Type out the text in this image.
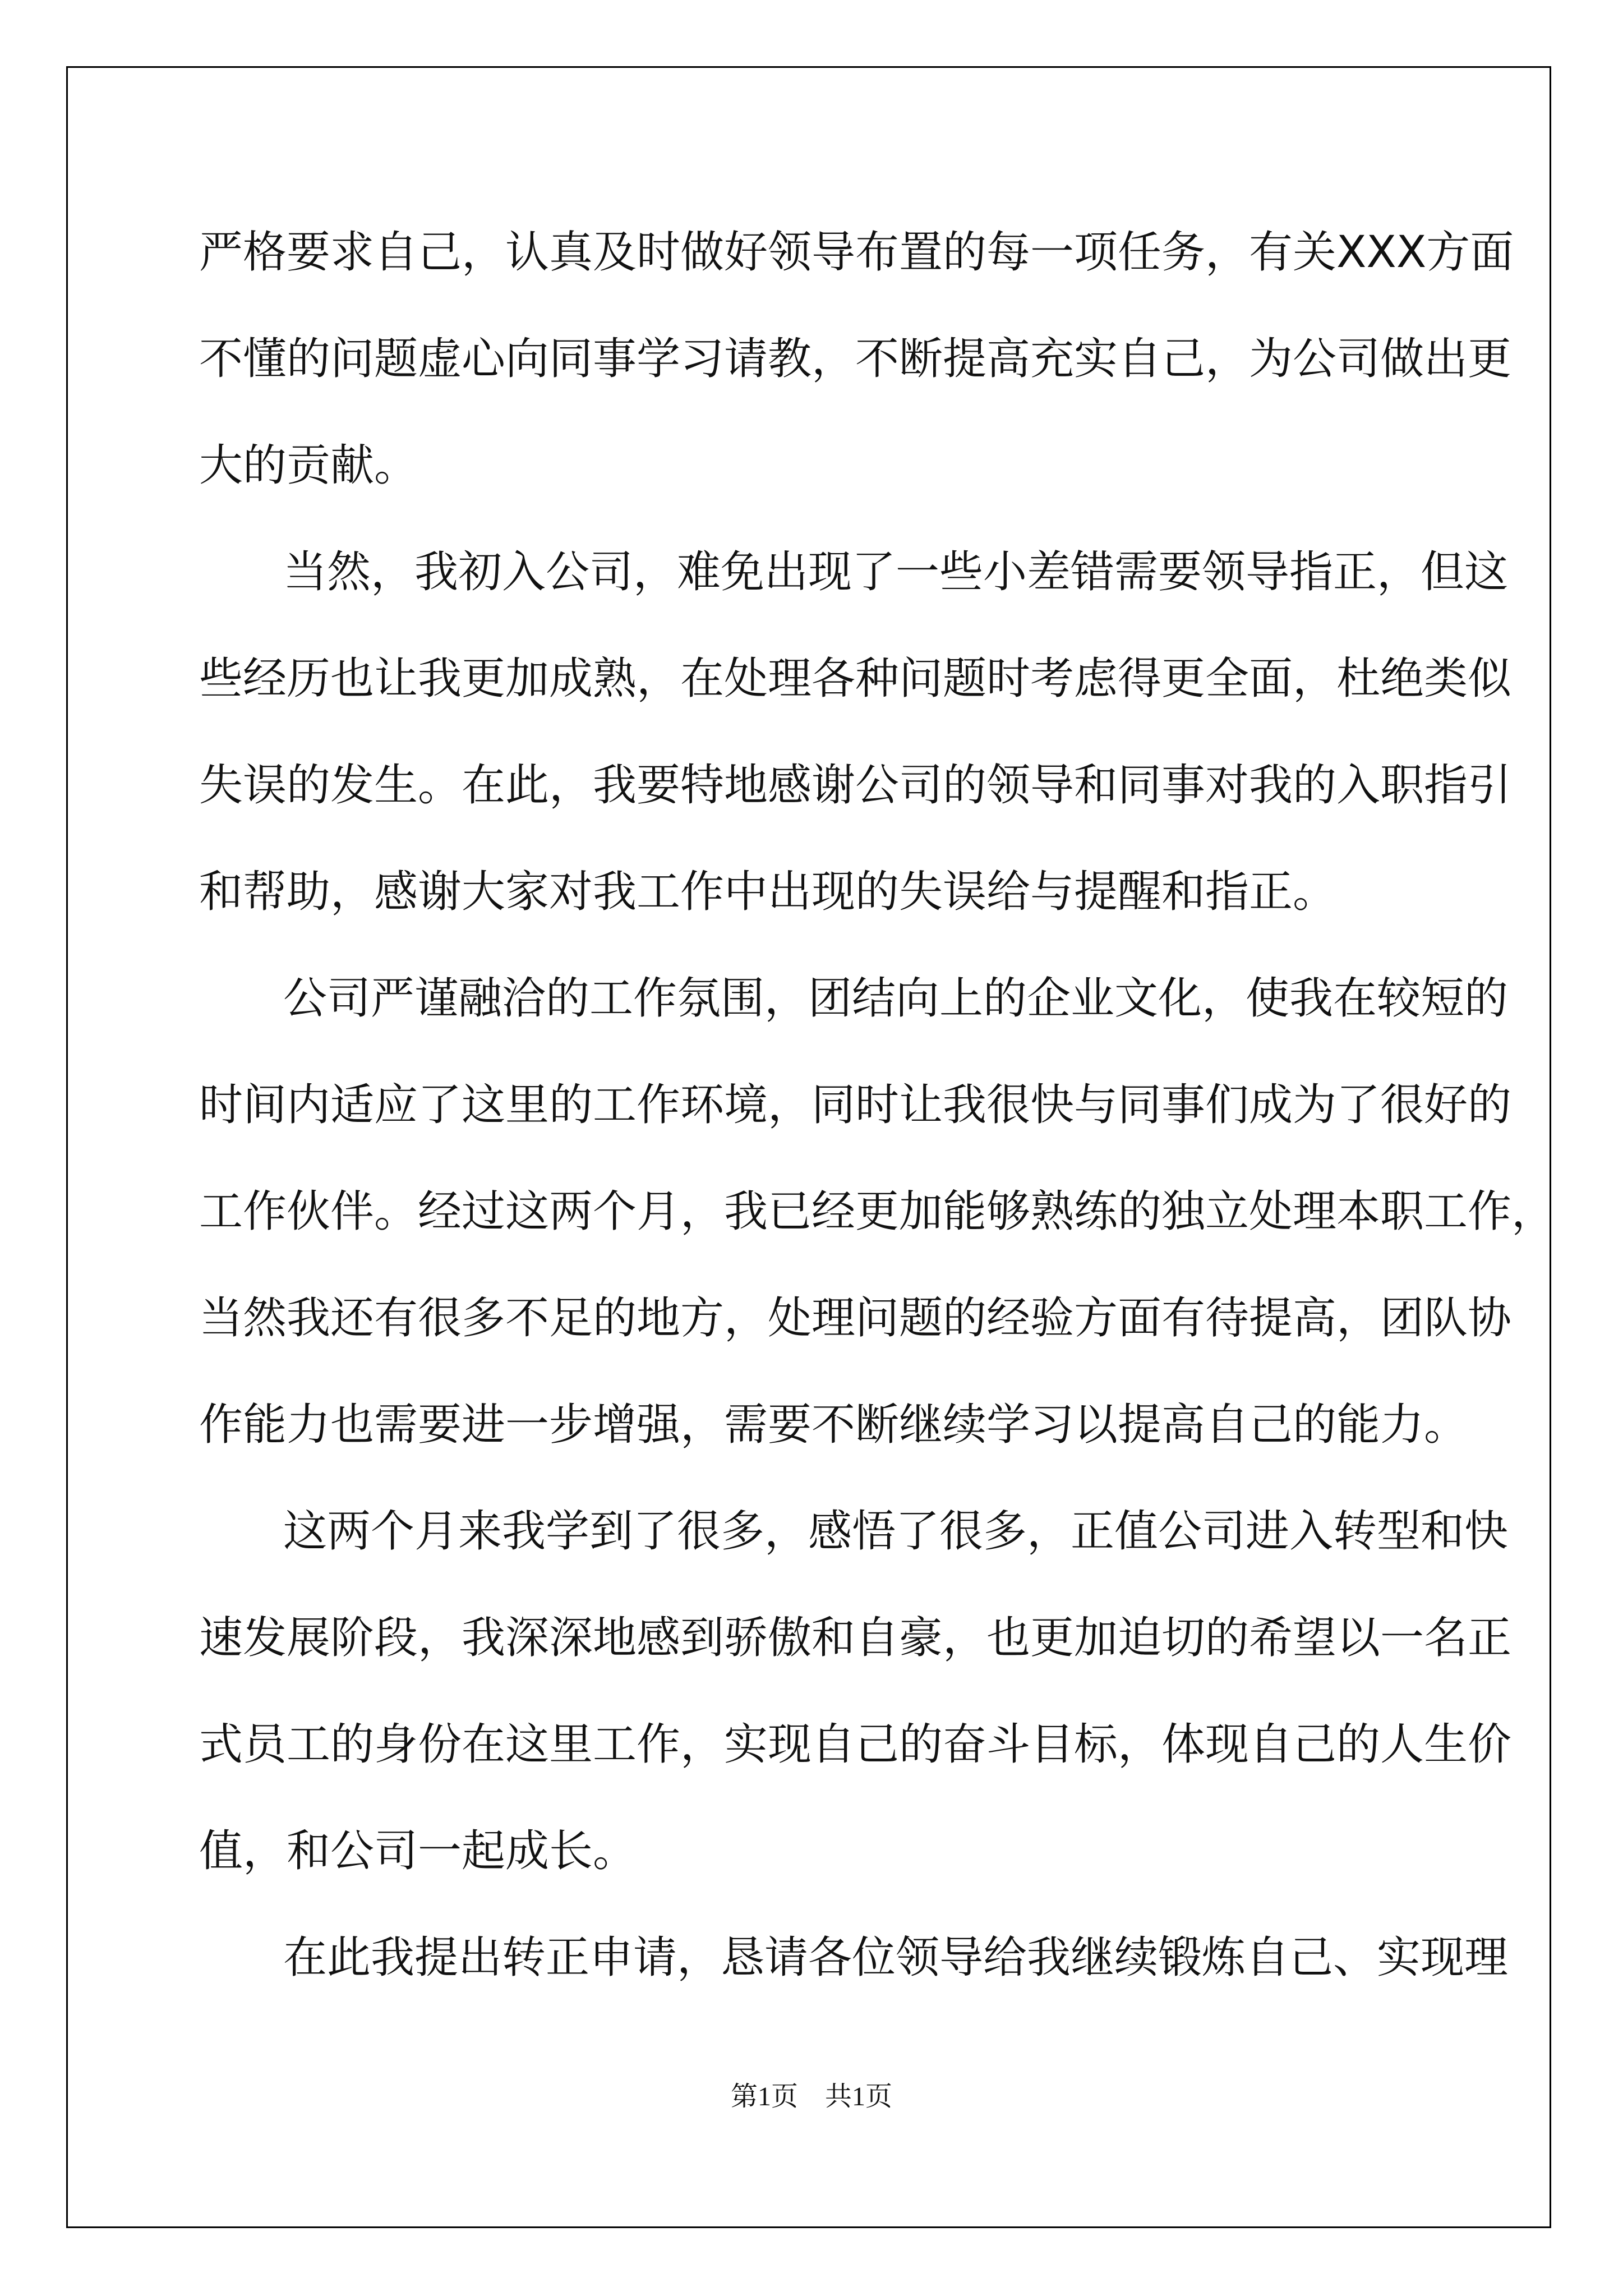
严格要求自己，认真及时做好领导布置的每一项任务，有关XXX方面
不懂的问题虚心向同事学习请教，不断提高充实自己，为公司做出更
大的贡献。
当然，我初入公司，难免出现了一些小差错需要领导指正，但这
些经历也让我更加成熟，在处理各种问题时考虑得更全面，杜绝类似
失误的发生。在此，我要特地感谢公司的领导和同事对我的入职指引
和帮助，感谢大家对我工作中出现的失误给与提醒和指正。
公司严谨融洽的工作氛围，团结向上的企业文化，使我在较短的
时间内适应了这里的工作环境，同时让我很快与同事们成为了很好的
工作伙伴。经过这两个月，我已经更加能够熟练的独立处理本职工作，
当然我还有很多不足的地方，处理问题的经验方面有待提高，团队协
作能力也需要进一步增强，需要不断继续学习以提高自己的能力。
这两个月来我学到了很多，感悟了很多，正值公司进入转型和快
速发展阶段，我深深地感到骄傲和自豪，也更加迫切的希望以一名正
式员工的身份在这里工作，实现自己的奋斗目标，体现自己的人生价
值，和公司一起成长。
在此我提出转正申请，恳请各位领导给我继续锻炼自己、实现理
第1页　共1页
